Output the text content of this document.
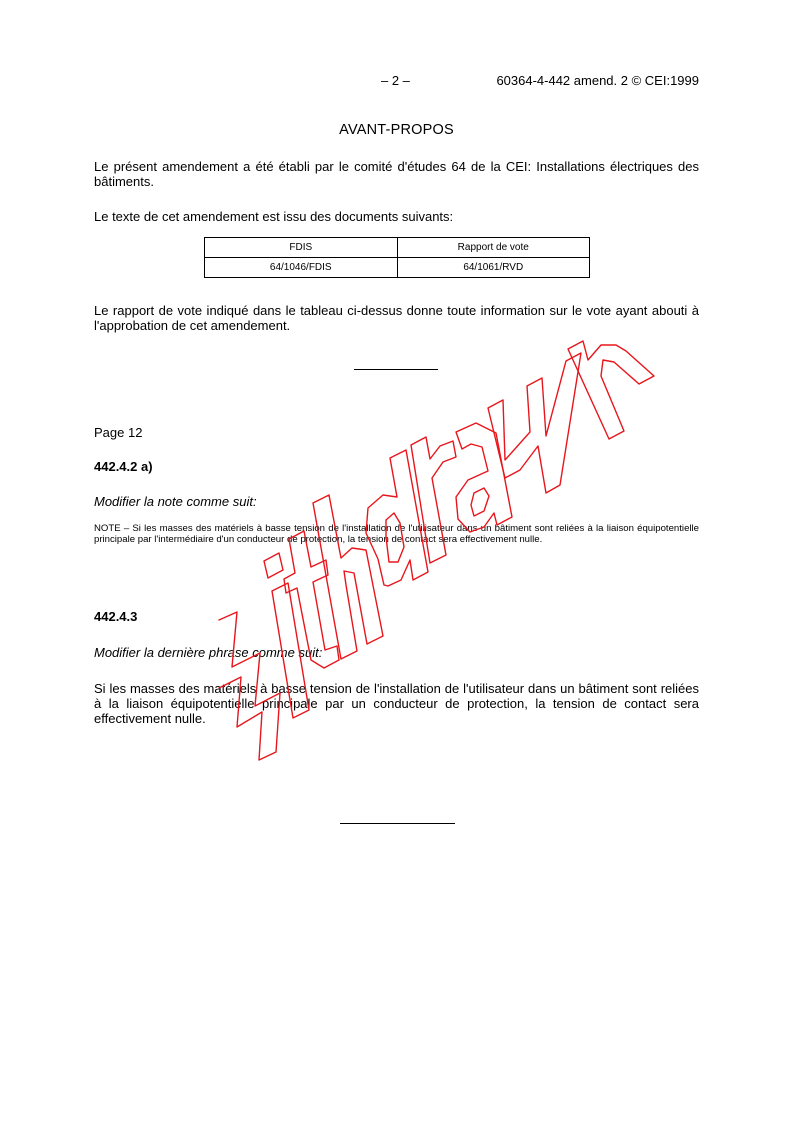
– 2 –	60364-4-442 amend. 2 © CEI:1999
AVANT-PROPOS

Le présent amendement a été établi par le comité d'études 64 de la CEI: Installations électriques des bâtiments.

Le texte de cet amendement est issu des documents suivants:

FDIS	Rapport de vote
64/1046/FDIS	64/1061/RVD

Le rapport de vote indiqué dans le tableau ci-dessus donne toute information sur le vote ayant abouti à l'approbation de cet amendement.

Page 12

442.4.2 a)

Modifier la note comme suit:

NOTE – Si les masses des matériels à basse tension de l'installation de l'utilisateur dans un bâtiment sont reliées à la liaison équipotentielle principale par l'intermédiaire d'un conducteur de protection, la tension de contact sera effectivement nulle.

442.4.3

Modifier la dernière phrase comme suit:

Si les masses des matériels à basse tension de l'installation de l'utilisateur dans un bâtiment sont reliées à la liaison équipotentielle principale par un conducteur de protection, la tension de contact sera effectivement nulle.
